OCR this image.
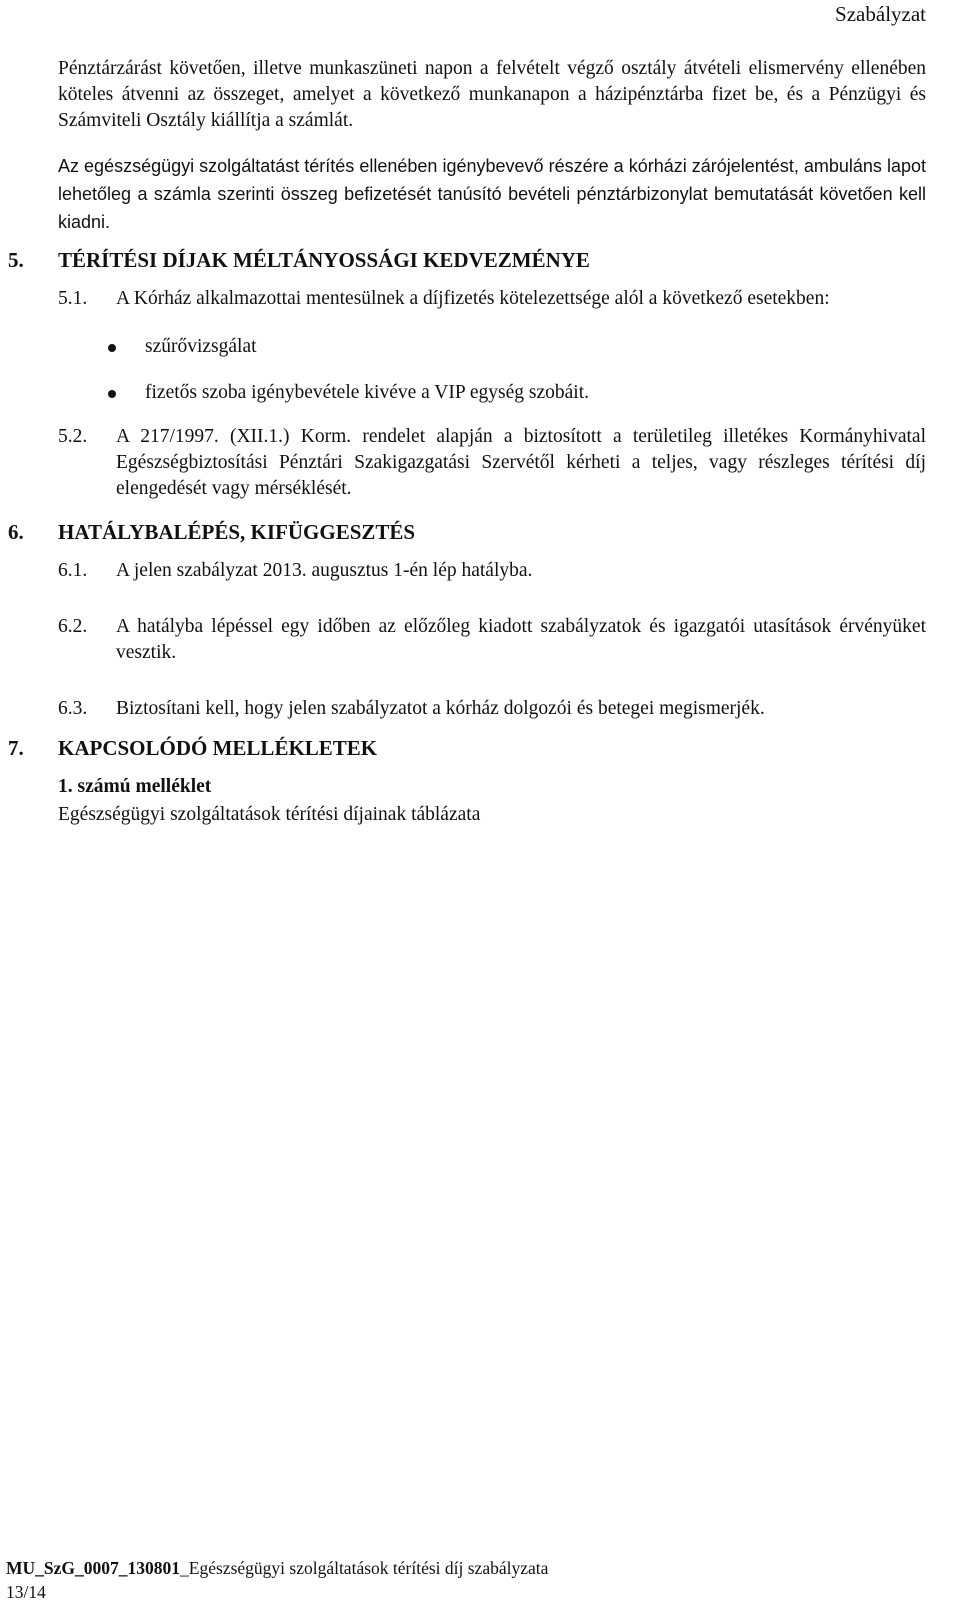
Szabályzat

Pénztárzárást követően, illetve munkaszüneti napon a felvételt végző osztály átvételi elismervény ellenében köteles átvenni az összeget, amelyet a következő munkanapon a házipénztárba fizet be, és a Pénzügyi és Számviteli Osztály kiállítja a számlát.

Az egészségügyi szolgáltatást térítés ellenében igénybevevő részére a kórházi zárójelentést, ambuláns lapot lehetőleg a számla szerinti összeg befizetését tanúsító bevételi pénztárbizonylat bemutatását követően kell kiadni.

5. TÉRÍTÉSI DÍJAK MÉLTÁNYOSSÁGI KEDVEZMÉNYE
5.1.	A Kórház alkalmazottai mentesülnek a díjfizetés kötelezettsége alól a következő esetekben:
szűrővizsgálat
fizetős szoba igénybevétele kivéve a VIP egység szobáit.
5.2.	A 217/1997. (XII.1.) Korm. rendelet alapján a biztosított a területileg illetékes Kormányhivatal Egészségbiztosítási Pénztári Szakigazgatási Szervétől kérheti a teljes, vagy részleges térítési díj elengedését vagy mérséklését.
6. HATÁLYBALÉPÉS, KIFÜGGESZTÉS
6.1.	A jelen szabályzat 2013. augusztus 1-én lép hatályba.
6.2.	A hatályba lépéssel egy időben az előzőleg kiadott szabályzatok és igazgatói utasítások érvényüket vesztik.
6.3.	Biztosítani kell, hogy jelen szabályzatot a kórház dolgozói és betegei megismerjék.
7. KAPCSOLÓDÓ MELLÉKLETEK

1. számú melléklet

Egészségügyi szolgáltatások térítési díjainak táblázata

MU_SzG_0007_130801_Egészségügyi szolgáltatások térítési díj szabályzata
13/14
